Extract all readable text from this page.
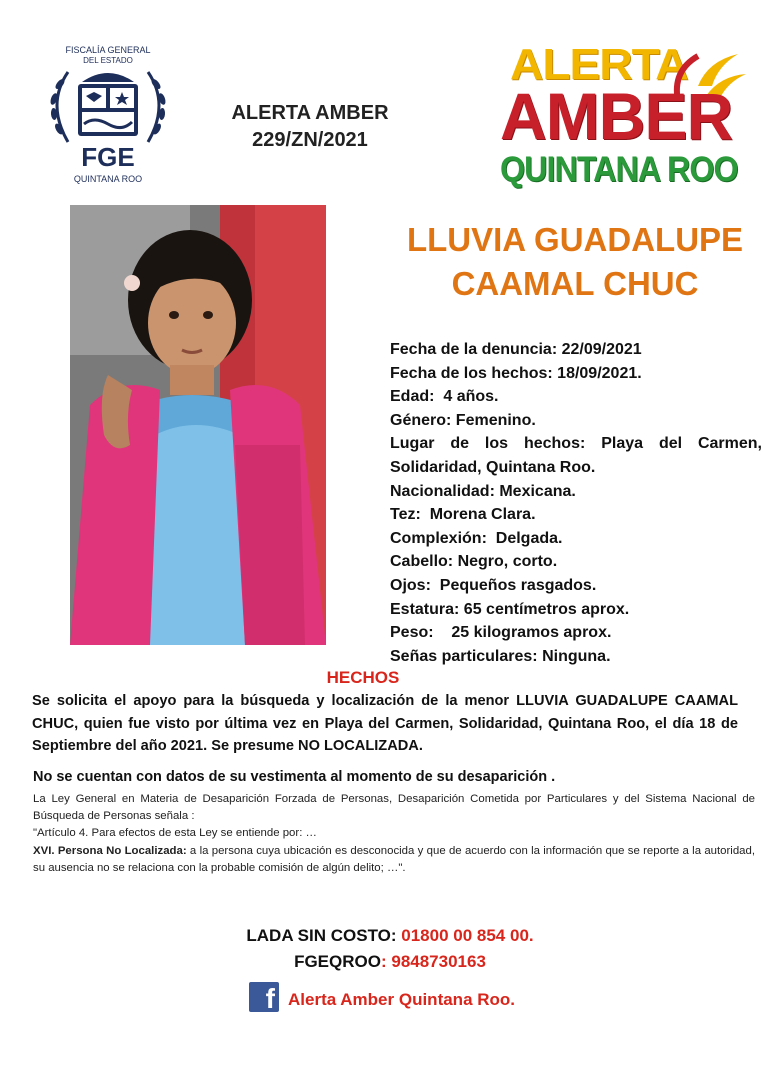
FISCALÍA GENERAL
DEL ESTADO
FGE
QUINTANA ROO
ALERTA AMBER
229/ZN/2021
ALERTA
AMBER
QUINTANA ROO
LLUVIA GUADALUPE
CAAMAL CHUC
Fecha de la denuncia: 22/09/2021
Fecha de los hechos: 18/09/2021.
Edad:  4 años.
Género: Femenino.
Lugar de los hechos: Playa del Carmen, Solidaridad, Quintana Roo.
Nacionalidad: Mexicana.
Tez:  Morena Clara.
Complexión:  Delgada.
Cabello: Negro, corto.
Ojos:  Pequeños rasgados.
Estatura: 65 centímetros aprox.
Peso:    25 kilogramos aprox.
Señas particulares: Ninguna.
HECHOS
Se solicita el apoyo para la búsqueda y localización de la menor LLUVIA GUADALUPE CAAMAL CHUC, quien fue visto por última vez en Playa del Carmen, Solidaridad, Quintana Roo, el día 18 de Septiembre del año 2021. Se presume NO LOCALIZADA.
No se cuentan con datos de su vestimenta al momento de su desaparición .

La Ley General en Materia de Desaparición Forzada de Personas, Desaparición Cometida por Particulares y del Sistema Nacional de Búsqueda de Personas señala :

"Artículo 4. Para efectos de esta Ley se entiende por: …

XVI. Persona No Localizada: a la persona cuya ubicación es desconocida y que de acuerdo con la información que se reporte a la autoridad, su ausencia no se relaciona con la probable comisión de algún delito; …".

LADA SIN COSTO: 01800 00 854 00.
FGEQROO: 9848730163
f Alerta Amber Quintana Roo.
